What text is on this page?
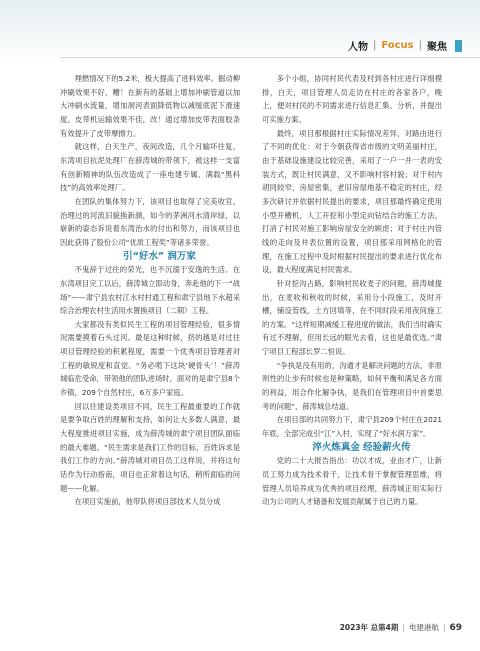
人物 | Focus | 聚焦

埋燃情况下的5.2米，极大提高了进料效率。掘动柳冲刷效果不好，糟！在新有的基础上增加冲刷管道以加大冲刷水流量，增加洞河表面降低物以减缓底泥下滑速度。皮带机运输效果不佳，改！通过增加皮带表面胶条有效提升了皮带摩擦力。

就这样，白天生产，夜间改造，几个月输坏往复，东湾项目抗泥处理厂在薛涛城的带领下，被这样一支富有创新精神的队伍改造成了一座电建专属、满载“黑科技”的高效率处理厂。

在团队的集体努力下，该项目也取得了完美收官，治理过的河流旧貌换新颜，如今的茅洲河水清岸绿，以崭新的姿态诉说着东湾治水的付出和努力，而该项目也因此获得了股份公司“优质工程奖”等诸多荣誉。

引“好水” 润万家

不鬼辞于过往的荣光，也不沉溺于安逸的生活。在东湾项目完工以后，薛涛城立即动身，奔赴他的下一“战场”——肃宁县农村江水村村通工程和肃宁县地下水超采综合治理农村生活用水置换项目（二期）工程。

大家都没有类似民生工程的项目管理经验，很多情况需要摸着石头过河。最是这种时候，挤的越是对过往项目管理经验的积累程度，需要一个优秀项目管理者对工程的敏锐度和直觉。“务必啃下这块‘硬骨头’！”薛涛城临危受命，带领他的团队进场时，面对的是肃宁县8个乡镇，209个自然村庄，6万多户家庭。

回以往建设类项目不同，民生工程最重要的工作就是要争取百姓的理解和支持，如何让大多数人满意，最大程度推进项目实施，成为薛涛城的肃宁项目团队面临的最大难题。“民生需求是我们工作的目标，百姓诉求是我们工作的方向。”薛涛城对项目员工这样说，并将这句话作为行动指南，项目也正常着这句话，稍所面临的问题——化解。

在项目实施前，他带队将项目部技术人员分成

多个小组，协同村民代表及村到各村庄进行详细摸排，白天，项目管理人员走访在村庄的各家各户，晚上，便对村民的不同需求进行信息汇集、分析，并提出可实施方案。

最终，项目那根据村庄实际情况差异，对路由进行了不同的优化：对于今朝获得省市级的文明美丽村庄，由于基础设施建设比较完善，采用了一户一井一表的安装方式，既让村民满意，又不影响村容村貌；对于村内胡同较窄，房屋密集，老旧房屋地基不稳定的村庄，经多次研讨并依据村民提出的要求，项目那最终确定使用小型开槽机，人工开挖和小型定向钻结合的施工方法，打消了村民对施工影响房屋安全的顾虑；对于村庄内管线的走向及井表位置的设置，项目那采用网格化的管理，在施工过程中及时根据村民提出的要求进行优化布设，最大程度满足村民需求。

针对挖沟占路，影响村民收麦子的问题，薛涛城提出，在麦收和秋收的时候，采用分小段施工，及时开槽，铺设管线，土方回填等，在不同时段采用夜间施工的方案。“这样短期减缓工程进度的做法，我们当时确实有过不理解，但用长远的眼光去看，这也是最优选。”肃宁项目工程部长罗二恒说。

“争执是没有用的，沟通才是解决问题的方法，非原则性的让步有时候也是种策略，如何平衡和满足各方面的利益，用合作化解争执，是我们在管理项目中首要思考的问题”，薛涛城总结道。

在项目部的共同努力下，肃宁县209个村庄在2021年底，全部完成引“江”入村，实现了“好水润万家”。

淬火炼真金 经验薪火传

党的二十大报告指出：功以才成，业由才广，让新员工努力成为技术骨干，让技术骨干掌握管理思维，将管理人员培养成为优秀的项目经理，薛涛城正用实际行动为公司的人才储备和发展贡献属于自己的力量。

2023年 总第4期 | 电建港航 | 69
